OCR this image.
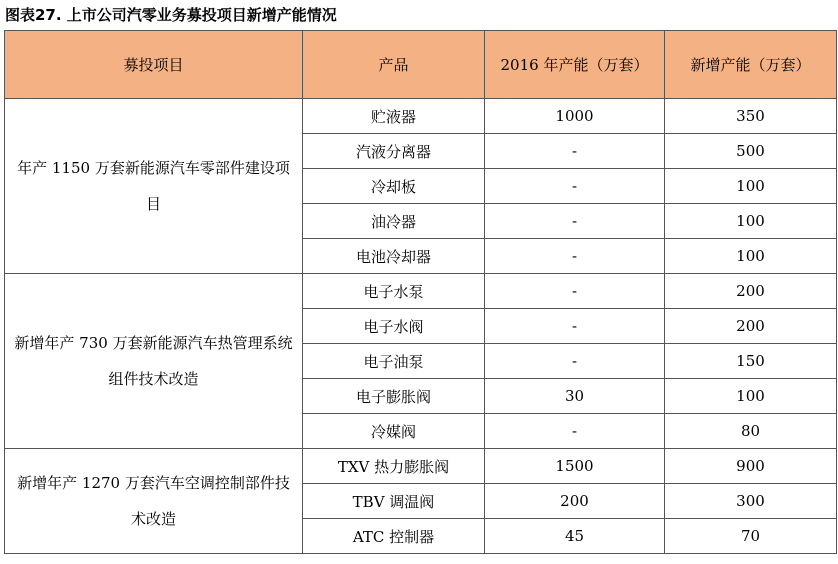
图表27. 上市公司汽零业务募投项目新增产能情况
募投项目	产品	2016 年产能（万套）	新增产能（万套）
年产 1150 万套新能源汽车零部件建设项目	贮液器	1000	350
	汽液分离器	-	500
	冷却板	-	100
	油冷器	-	100
	电池冷却器	-	100
新增年产 730 万套新能源汽车热管理系统组件技术改造	电子水泵	-	200
	电子水阀	-	200
	电子油泵	-	150
	电子膨胀阀	30	100
	冷媒阀	-	80
新增年产 1270 万套汽车空调控制部件技术改造	TXV 热力膨胀阀	1500	900
	TBV 调温阀	200	300
	ATC 控制器	45	70
